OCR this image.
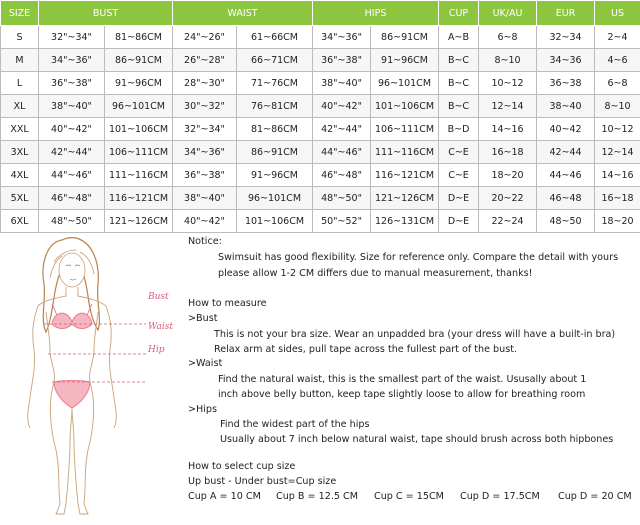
SIZE	BUST		WAIST		HIPS		CUP	UK/AU	EUR	US
S	32"~34"	81~86CM	24"~26"	61~66CM	34"~36"	86~91CM	A~B	6~8	32~34	2~4
M	34"~36"	86~91CM	26"~28"	66~71CM	36"~38"	91~96CM	B~C	8~10	34~36	4~6
L	36"~38"	91~96CM	28"~30"	71~76CM	38"~40"	96~101CM	B~C	10~12	36~38	6~8
XL	38"~40"	96~101CM	30"~32"	76~81CM	40"~42"	101~106CM	B~C	12~14	38~40	8~10
XXL	40"~42"	101~106CM	32"~34"	81~86CM	42"~44"	106~111CM	B~D	14~16	40~42	10~12
3XL	42"~44"	106~111CM	34"~36"	86~91CM	44"~46"	111~116CM	C~E	16~18	42~44	12~14
4XL	44"~46"	111~116CM	36"~38"	91~96CM	46"~48"	116~121CM	C~E	18~20	44~46	14~16
5XL	46"~48"	116~121CM	38"~40"	96~101CM	48"~50"	121~126CM	D~E	20~22	46~48	16~18
6XL	48"~50"	121~126CM	40"~42"	101~106CM	50"~52"	126~131CM	D~E	22~24	48~50	18~20
Bust
Waist
Hip
Notice:
Swimsuit has good flexibility. Size for reference only. Compare the detail with yours
please allow 1-2 CM differs due to manual measurement, thanks!
How to measure
>Bust
This is not your bra size. Wear an unpadded bra (your dress will have a built-in bra)
Relax arm at sides, pull tape across the fullest part of the bust.
>Waist
Find the natural waist, this is the smallest part of the waist. Ususally about 1
inch above belly button, keep tape slightly loose to allow for breathing room
>Hips
Find the widest part of the hips
Usually about 7 inch below natural waist, tape should brush across both hipbones
How to select cup size
Up bust - Under bust=Cup size
Cup A = 10 CM Cup B = 12.5 CM Cup C = 15CM Cup D = 17.5CM Cup D = 20 CM
